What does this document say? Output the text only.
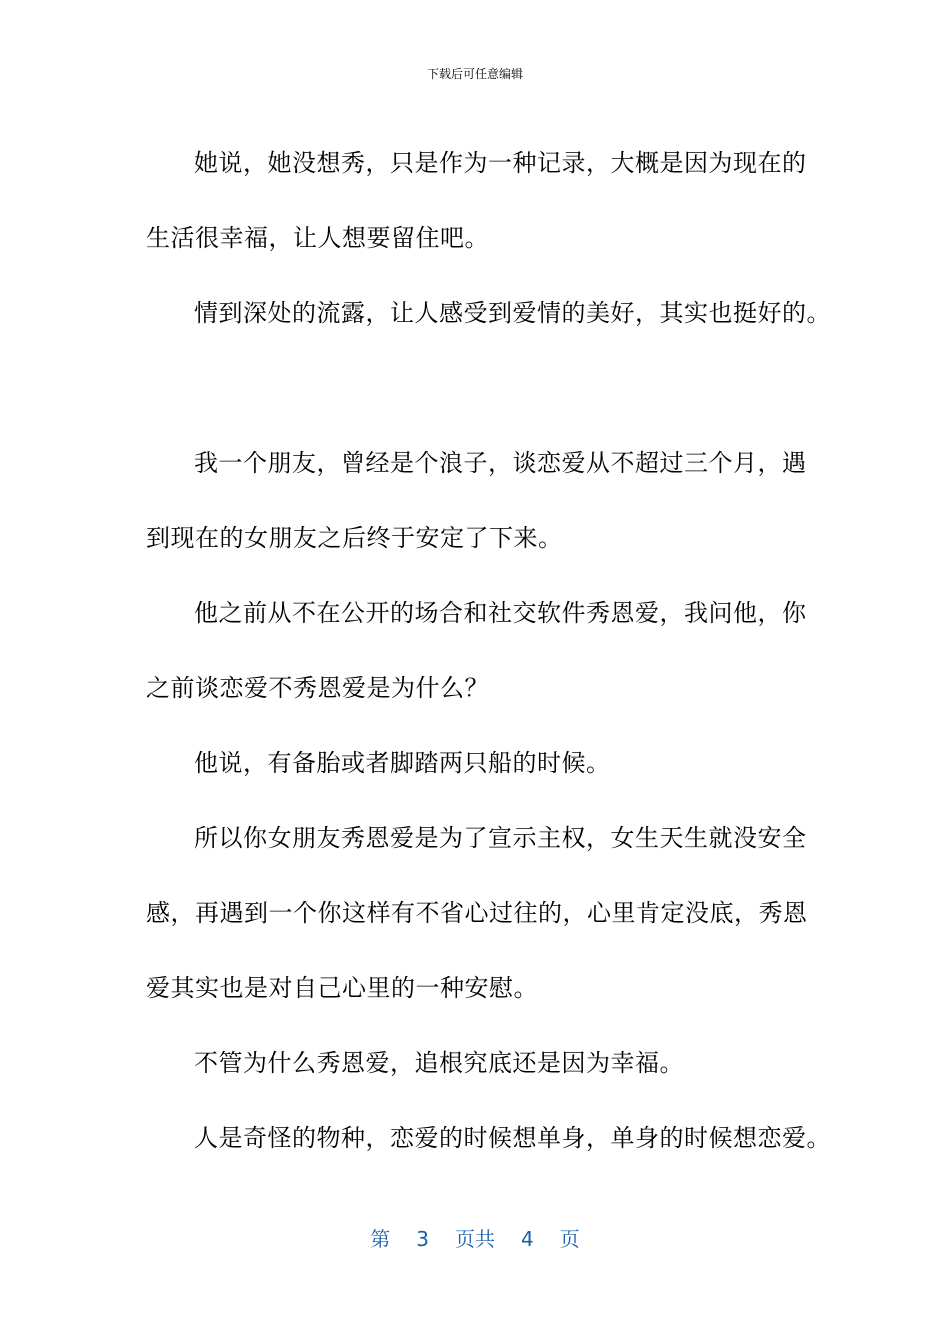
下载后可任意编辑

她说，她没想秀，只是作为一种记录，大概是因为现在的

生活很幸福，让人想要留住吧。

情到深处的流露，让人感受到爱情的美好，其实也挺好的。

我一个朋友，曾经是个浪子，谈恋爱从不超过三个月，遇

到现在的女朋友之后终于安定了下来。

他之前从不在公开的场合和社交软件秀恩爱，我问他，你

之前谈恋爱不秀恩爱是为什么？

他说，有备胎或者脚踏两只船的时候。

所以你女朋友秀恩爱是为了宣示主权，女生天生就没安全

感，再遇到一个你这样有不省心过往的，心里肯定没底，秀恩

爱其实也是对自己心里的一种安慰。

不管为什么秀恩爱，追根究底还是因为幸福。

人是奇怪的物种，恋爱的时候想单身，单身的时候想恋爱。

第 3 页共 4 页
